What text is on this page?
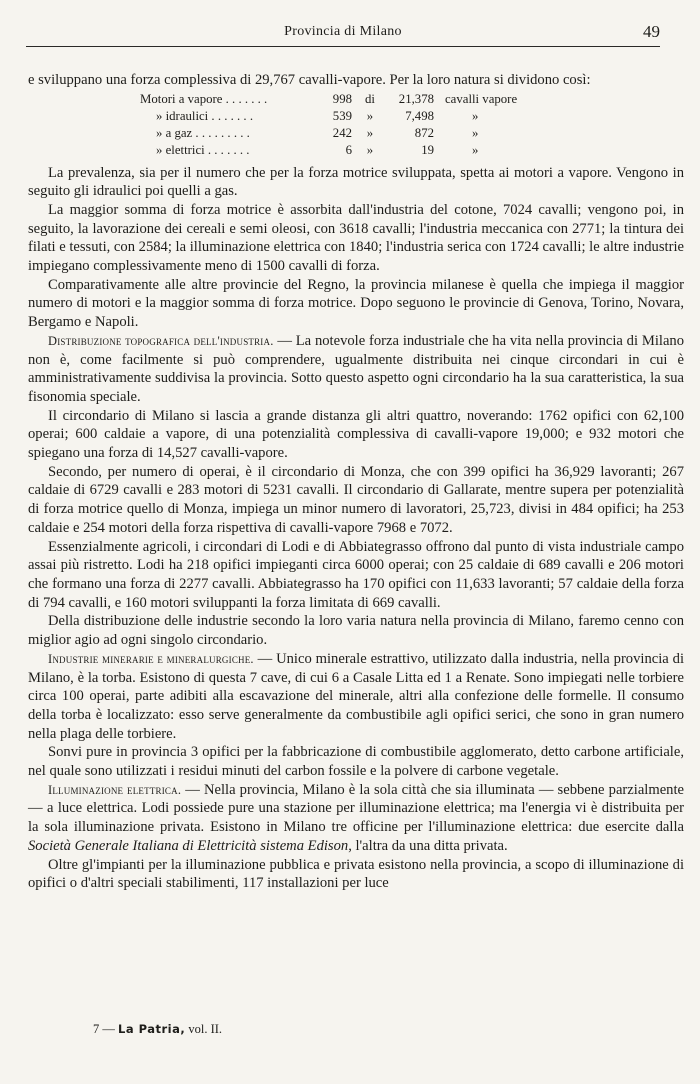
Provincia di Milano	49

e sviluppano una forza complessiva di 29,767 cavalli-vapore. Per la loro natura si dividono così:

Motori a vapore . . . . . . .	998	di	21,378	cavalli vapore
» idraulici . . . . . . .	539	»	7,498	»
» a gaz . . . . . . . . .	242	»	872	»
» elettrici . . . . . . .	6	»	19	»

La prevalenza, sia per il numero che per la forza motrice sviluppata, spetta ai motori a vapore. Vengono in seguito gli idraulici poi quelli a gas.

La maggior somma di forza motrice è assorbita dall'industria del cotone, 7024 cavalli; vengono poi, in seguito, la lavorazione dei cereali e semi oleosi, con 3618 cavalli; l'industria meccanica con 2771; la tintura dei filati e tessuti, con 2584; la illuminazione elettrica con 1840; l'industria serica con 1724 cavalli; le altre industrie impiegano complessivamente meno di 1500 cavalli di forza.

Comparativamente alle altre provincie del Regno, la provincia milanese è quella che impiega il maggior numero di motori e la maggior somma di forza motrice. Dopo seguono le provincie di Genova, Torino, Novara, Bergamo e Napoli.

Distribuzione topografica dell'industria. — La notevole forza industriale che ha vita nella provincia di Milano non è, come facilmente si può comprendere, ugualmente distribuita nei cinque circondari in cui è amministrativamente suddivisa la provincia. Sotto questo aspetto ogni circondario ha la sua caratteristica, la sua fisonomia speciale.

Il circondario di Milano si lascia a grande distanza gli altri quattro, noverando: 1762 opifici con 62,100 operai; 600 caldaie a vapore, di una potenzialità complessiva di cavalli-vapore 19,000; e 932 motori che spiegano una forza di 14,527 cavalli-vapore.

Secondo, per numero di operai, è il circondario di Monza, che con 399 opifici ha 36,929 lavoranti; 267 caldaie di 6729 cavalli e 283 motori di 5231 cavalli. Il circondario di Gallarate, mentre supera per potenzialità di forza motrice quello di Monza, impiega un minor numero di lavoratori, 25,723, divisi in 484 opifici; ha 253 caldaie e 254 motori della forza rispettiva di cavalli-vapore 7968 e 7072.

Essenzialmente agricoli, i circondari di Lodi e di Abbiategrasso offrono dal punto di vista industriale campo assai più ristretto. Lodi ha 218 opifici impieganti circa 6000 operai; con 25 caldaie di 689 cavalli e 206 motori che formano una forza di 2277 cavalli. Abbiategrasso ha 170 opifici con 11,633 lavoranti; 57 caldaie della forza di 794 cavalli, e 160 motori sviluppanti la forza limitata di 669 cavalli.

Della distribuzione delle industrie secondo la loro varia natura nella provincia di Milano, faremo cenno con miglior agio ad ogni singolo circondario.

Industrie minerarie e mineralurgiche. — Unico minerale estrattivo, utilizzato dalla industria, nella provincia di Milano, è la torba. Esistono di questa 7 cave, di cui 6 a Casale Litta ed 1 a Renate. Sono impiegati nelle torbiere circa 100 operai, parte adibiti alla escavazione del minerale, altri alla confezione delle formelle. Il consumo della torba è localizzato: esso serve generalmente da combustibile agli opifici serici, che sono in gran numero nella plaga delle torbiere.

Sonvi pure in provincia 3 opifici per la fabbricazione di combustibile agglomerato, detto carbone artificiale, nel quale sono utilizzati i residui minuti del carbon fossile e la polvere di carbone vegetale.

Illuminazione elettrica. — Nella provincia, Milano è la sola città che sia illuminata — sebbene parzialmente — a luce elettrica. Lodi possiede pure una stazione per illuminazione elettrica; ma l'energia vi è distribuita per la sola illuminazione privata. Esistono in Milano tre officine per l'illuminazione elettrica: due esercite dalla Società Generale Italiana di Elettricità sistema Edison, l'altra da una ditta privata.

Oltre gl'impianti per la illuminazione pubblica e privata esistono nella provincia, a scopo di illuminazione di opifici o d'altri speciali stabilimenti, 117 installazioni per luce

7 — La Patria, vol. II.
